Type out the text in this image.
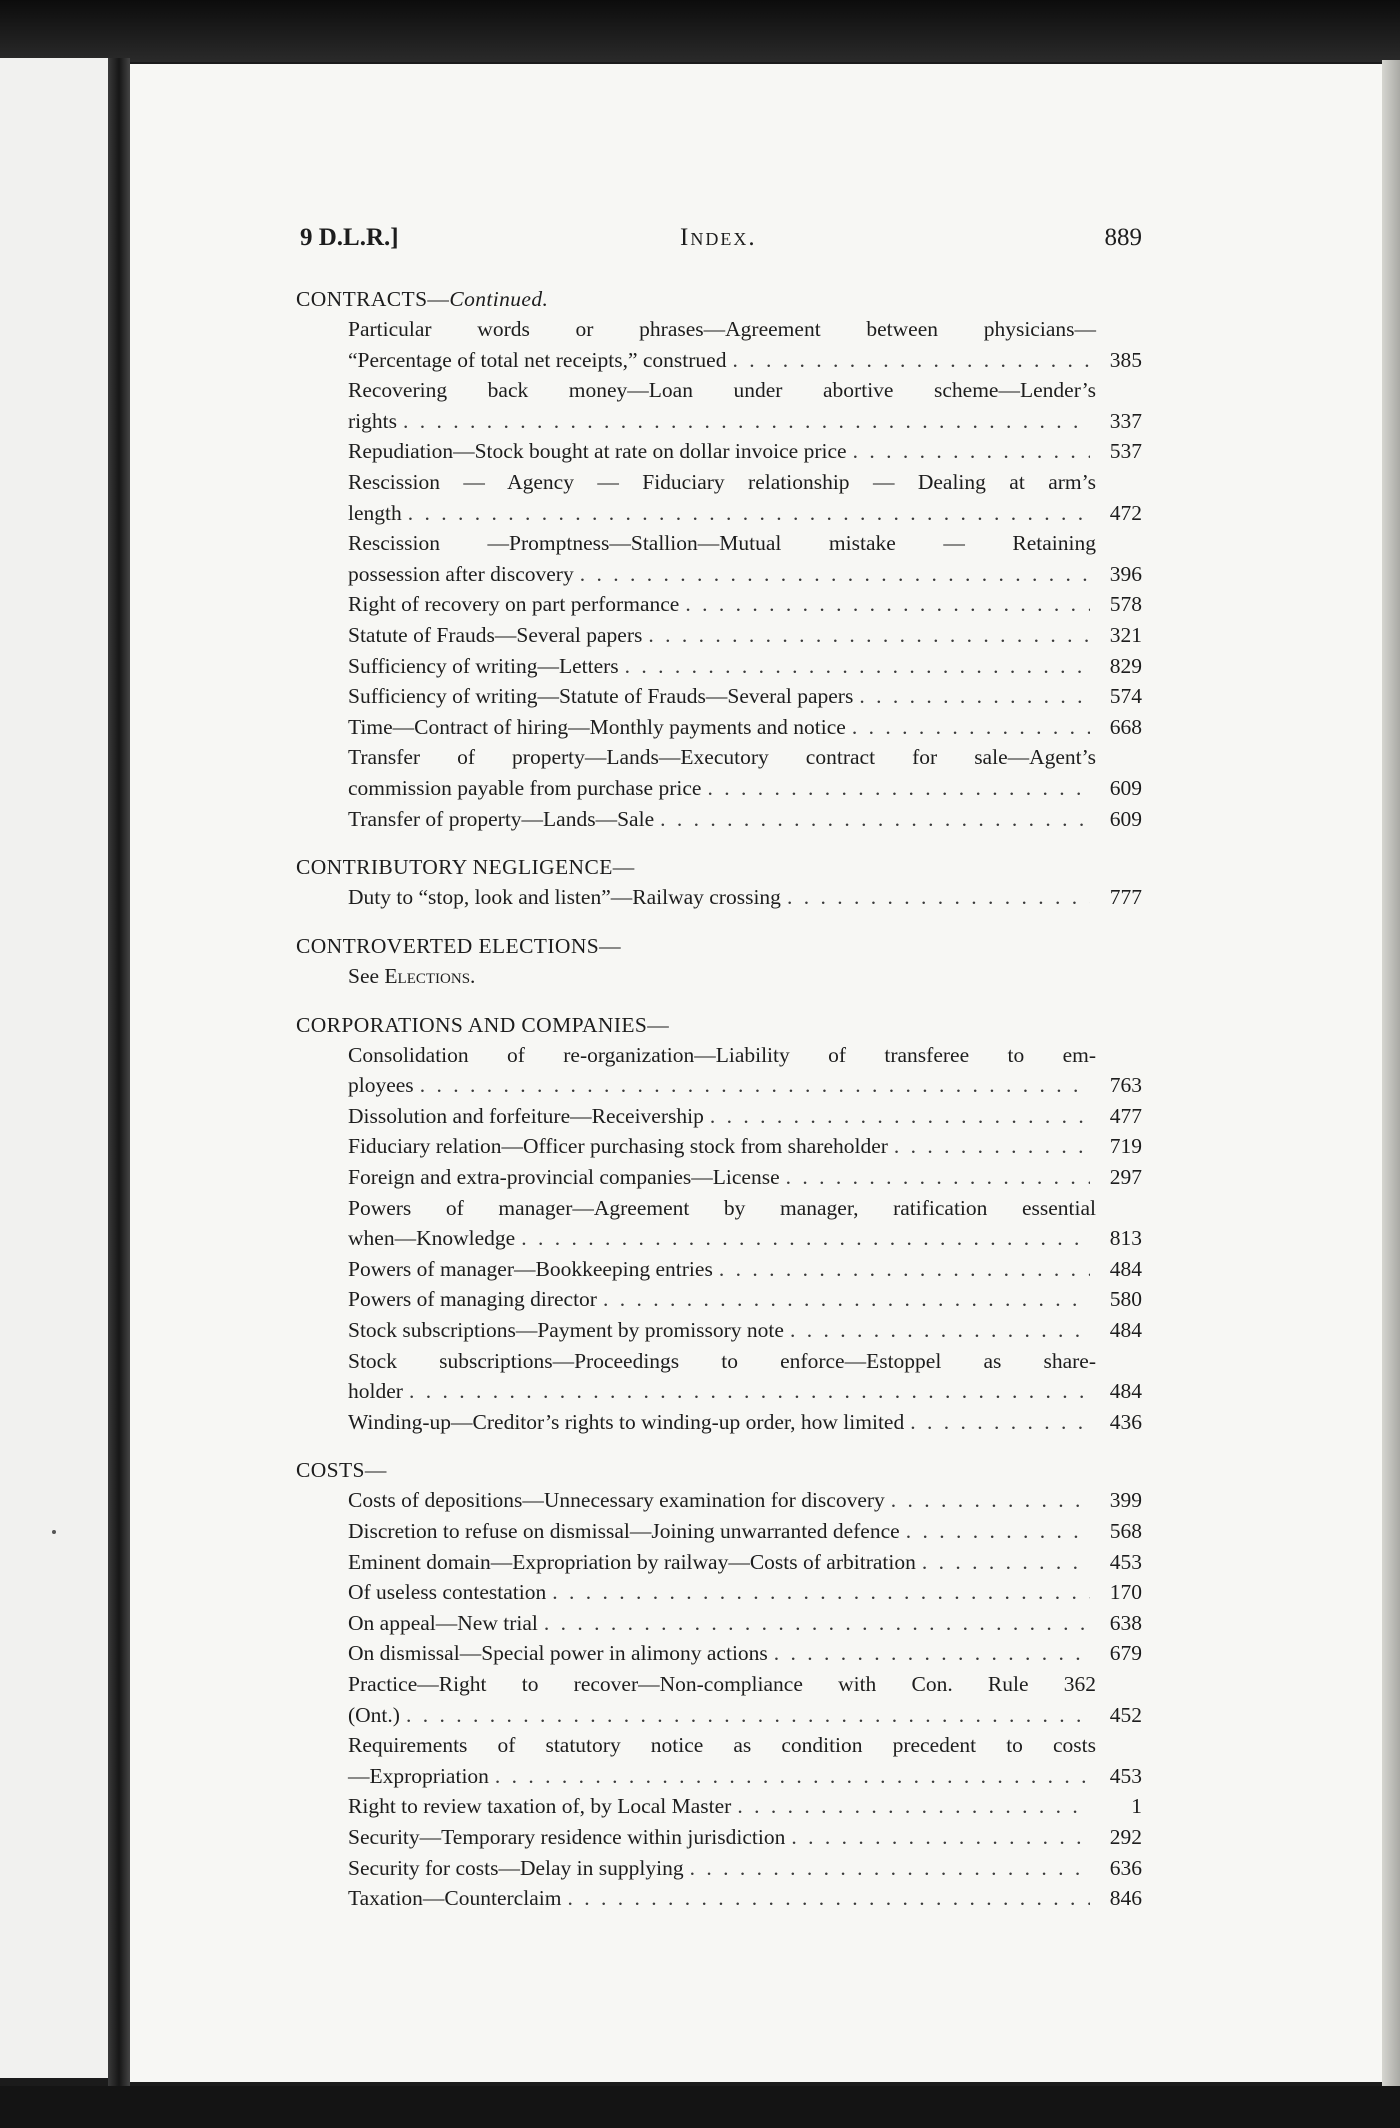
9 D.L.R.]	Index.	889
CONTRACTS—Continued.
Particular words or phrases—Agreement between physicians—
“Percentage of total net receipts,” construed . . .	385
Recovering back money—Loan under abortive scheme—Lender’s
rights . . .	337
Repudiation—Stock bought at rate on dollar invoice price . . .	537
Rescission — Agency — Fiduciary relationship — Dealing at arm’s
length . . .	472
Rescission —Promptness—Stallion—Mutual mistake — Retaining
possession after discovery . . .	396
Right of recovery on part performance . . .	578
Statute of Frauds—Several papers . . .	321
Sufficiency of writing—Letters . . .	829
Sufficiency of writing—Statute of Frauds—Several papers . . .	574
Time—Contract of hiring—Monthly payments and notice . . .	668
Transfer of property—Lands—Executory contract for sale—Agent’s
commission payable from purchase price . . .	609
Transfer of property—Lands—Sale . . .	609
CONTRIBUTORY NEGLIGENCE—
Duty to “stop, look and listen”—Railway crossing . . .	777
CONTROVERTED ELECTIONS—
See Elections.
CORPORATIONS AND COMPANIES—
Consolidation of re-organization—Liability of transferee to em-
ployees . . .	763
Dissolution and forfeiture—Receivership . . .	477
Fiduciary relation—Officer purchasing stock from shareholder . . .	719
Foreign and extra-provincial companies—License . . .	297
Powers of manager—Agreement by manager, ratification essential
when—Knowledge . . .	813
Powers of manager—Bookkeeping entries . . .	484
Powers of managing director . . .	580
Stock subscriptions—Payment by promissory note . . .	484
Stock subscriptions—Proceedings to enforce—Estoppel as share-
holder . . .	484
Winding-up—Creditor’s rights to winding-up order, how limited . . .	436
COSTS—
Costs of depositions—Unnecessary examination for discovery . . .	399
Discretion to refuse on dismissal—Joining unwarranted defence . . .	568
Eminent domain—Expropriation by railway—Costs of arbitration . . .	453
Of useless contestation . . .	170
On appeal—New trial . . .	638
On dismissal—Special power in alimony actions . . .	679
Practice—Right to recover—Non-compliance with Con. Rule 362
(Ont.) . . .	452
Requirements of statutory notice as condition precedent to costs
—Expropriation . . .	453
Right to review taxation of, by Local Master . . .	1
Security—Temporary residence within jurisdiction . . .	292
Security for costs—Delay in supplying . . .	636
Taxation—Counterclaim . . .	846
